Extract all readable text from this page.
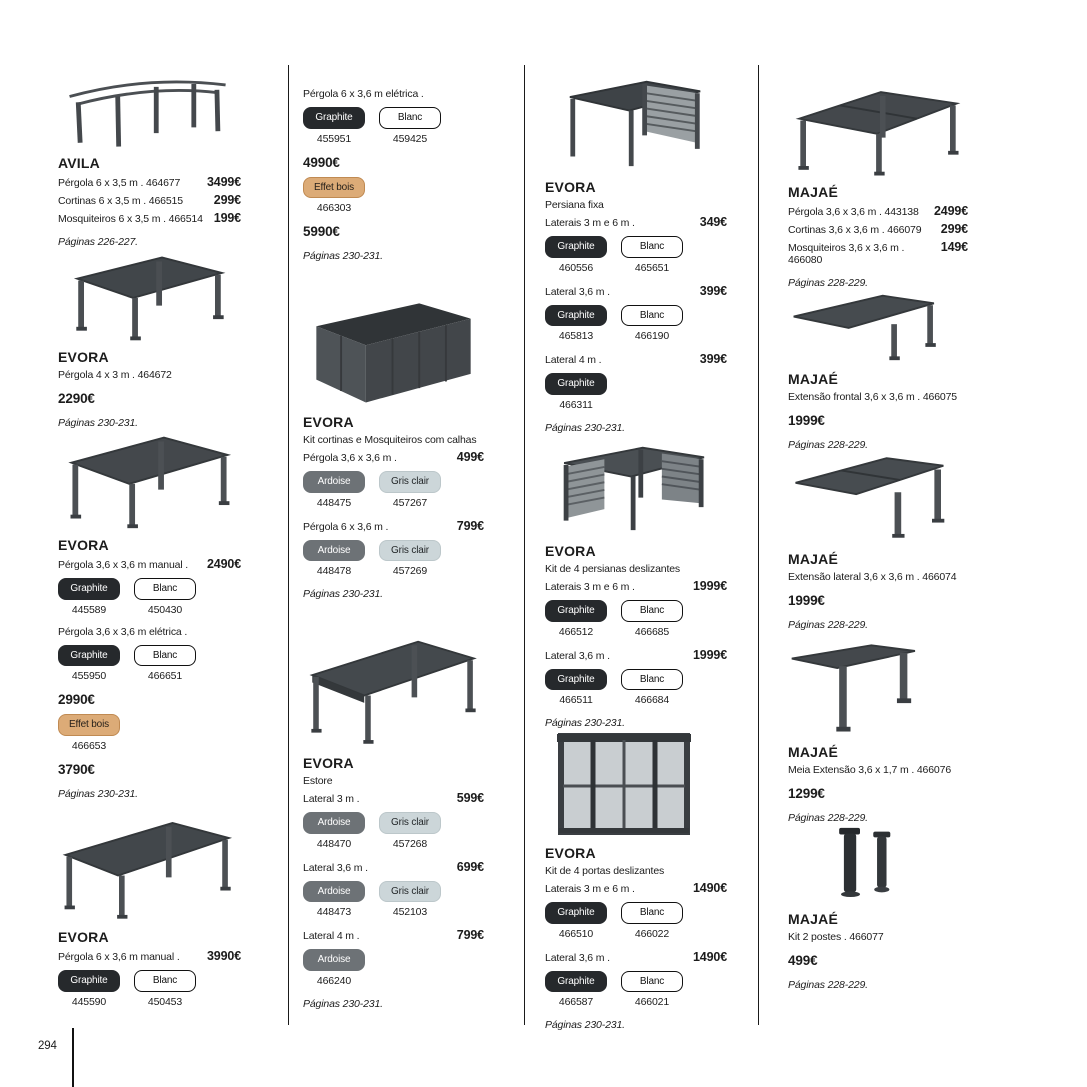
294
AVILA
Pérgola 6 x 3,5 m . 464677	3499€
Cortinas 6 x 3,5 m . 466515	299€
Mosquiteiros 6 x 3,5 m . 466514 199€
Páginas 226-227.
EVORA
Pérgola 4 x 3 m . 464672
2290€
Páginas 230-231.
EVORA
Pérgola 3,6 x 3,6 m manual .	2490€
Graphite
445589
Blanc
450430
Pérgola 3,6 x 3,6 m elétrica .
Graphite
455950
Blanc
466651
2990€
Effet bois
466653
3790€
Páginas 230-231.
EVORA
Pérgola 6 x 3,6 m manual .	3990€
Graphite
445590
Blanc
450453
Pérgola 6 x 3,6 m elétrica .
Graphite
455951
Blanc
459425
4990€
Effet bois
466303
5990€
Páginas 230-231.
EVORA
Kit cortinas e Mosquiteiros com calhas
Pérgola 3,6 x 3,6 m .	499€
Ardoise
448475
Gris clair
457267
Pérgola 6 x 3,6 m .	799€
Ardoise
448478
Gris clair
457269
Páginas 230-231.
EVORA
Estore
Lateral 3 m .	599€
Ardoise
448470
Gris clair
457268
Lateral 3,6 m .	699€
Ardoise
448473
Gris clair
452103
Lateral 4 m .	799€
Ardoise
466240
Páginas 230-231.
EVORA
Persiana fixa
Laterais 3 m e 6 m .	349€
Graphite
460556
Blanc
465651
Lateral 3,6 m .	399€
Graphite
465813
Blanc
466190
Lateral 4 m .	399€
Graphite
466311
Páginas 230-231.
EVORA
Kit de 4 persianas deslizantes
Laterais 3 m e 6 m .	1999€
Graphite
466512
Blanc
466685
Lateral 3,6 m .	1999€
Graphite
466511
Blanc
466684
Páginas 230-231.
EVORA
Kit de 4 portas deslizantes
Laterais 3 m e 6 m .	1490€
Graphite
466510
Blanc
466022
Lateral 3,6 m .	1490€
Graphite
466587
Blanc
466021
Páginas 230-231.
MAJAÉ
Pérgola 3,6 x 3,6 m . 443138	2499€
Cortinas 3,6 x 3,6 m . 466079	299€
Mosquiteiros 3,6 x 3,6 m . 466080
149€
Páginas 228-229.
MAJAÉ
Extensão frontal 3,6 x 3,6 m . 466075
1999€
Páginas 228-229.
MAJAÉ
Extensão lateral 3,6 x 3,6 m . 466074
1999€
Páginas 228-229.
MAJAÉ
Meia Extensão 3,6 x 1,7 m . 466076
1299€
Páginas 228-229.
MAJAÉ
Kit 2 postes . 466077
499€
Páginas 228-229.
